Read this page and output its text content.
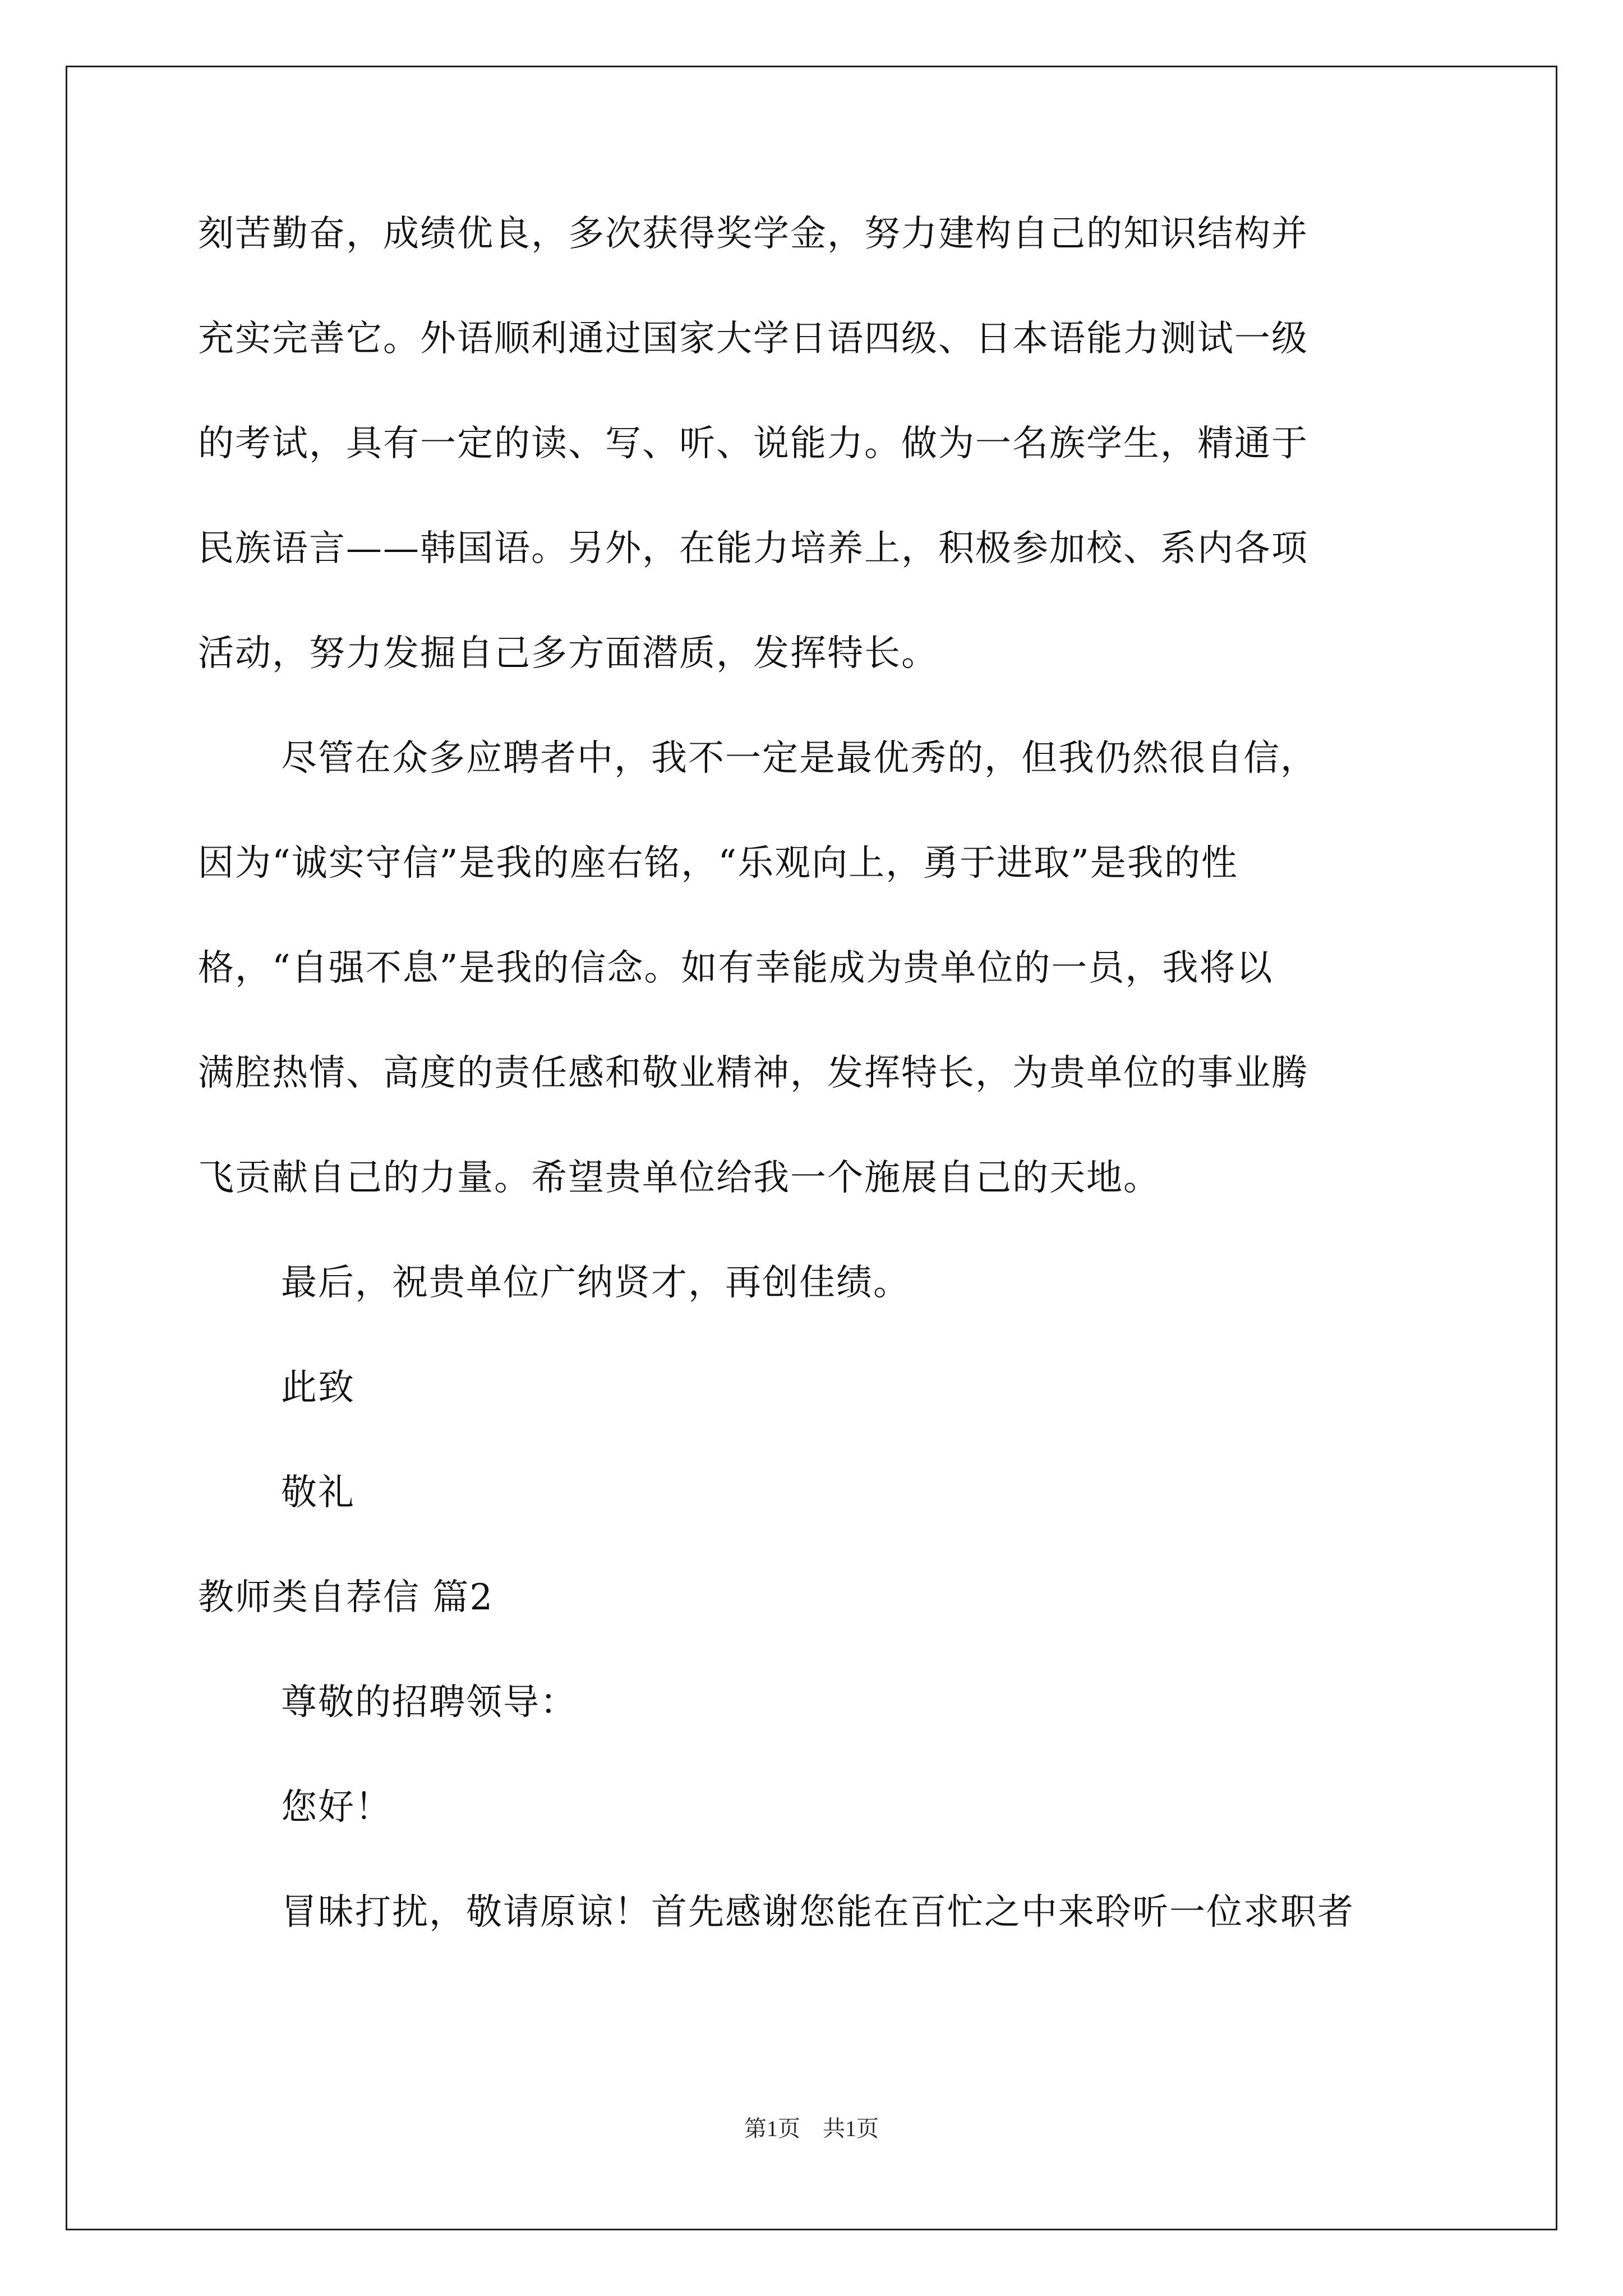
刻苦勤奋，成绩优良，多次获得奖学金，努力建构自己的知识结构并
充实完善它。外语顺利通过国家大学日语四级、日本语能力测试一级
的考试，具有一定的读、写、听、说能力。做为一名族学生，精通于
民族语言——韩国语。另外，在能力培养上，积极参加校、系内各项
活动，努力发掘自己多方面潜质，发挥特长。
尽管在众多应聘者中，我不一定是最优秀的，但我仍然很自信，
因为“诚实守信”是我的座右铭，“乐观向上，勇于进取”是我的性
格，“自强不息”是我的信念。如有幸能成为贵单位的一员，我将以
满腔热情、高度的责任感和敬业精神，发挥特长，为贵单位的事业腾
飞贡献自己的力量。希望贵单位给我一个施展自己的天地。
最后，祝贵单位广纳贤才，再创佳绩。
此致
敬礼
教师类自荐信 篇2
尊敬的招聘领导：
您好！
冒昧打扰，敬请原谅！首先感谢您能在百忙之中来聆听一位求职者
第1页　共1页
